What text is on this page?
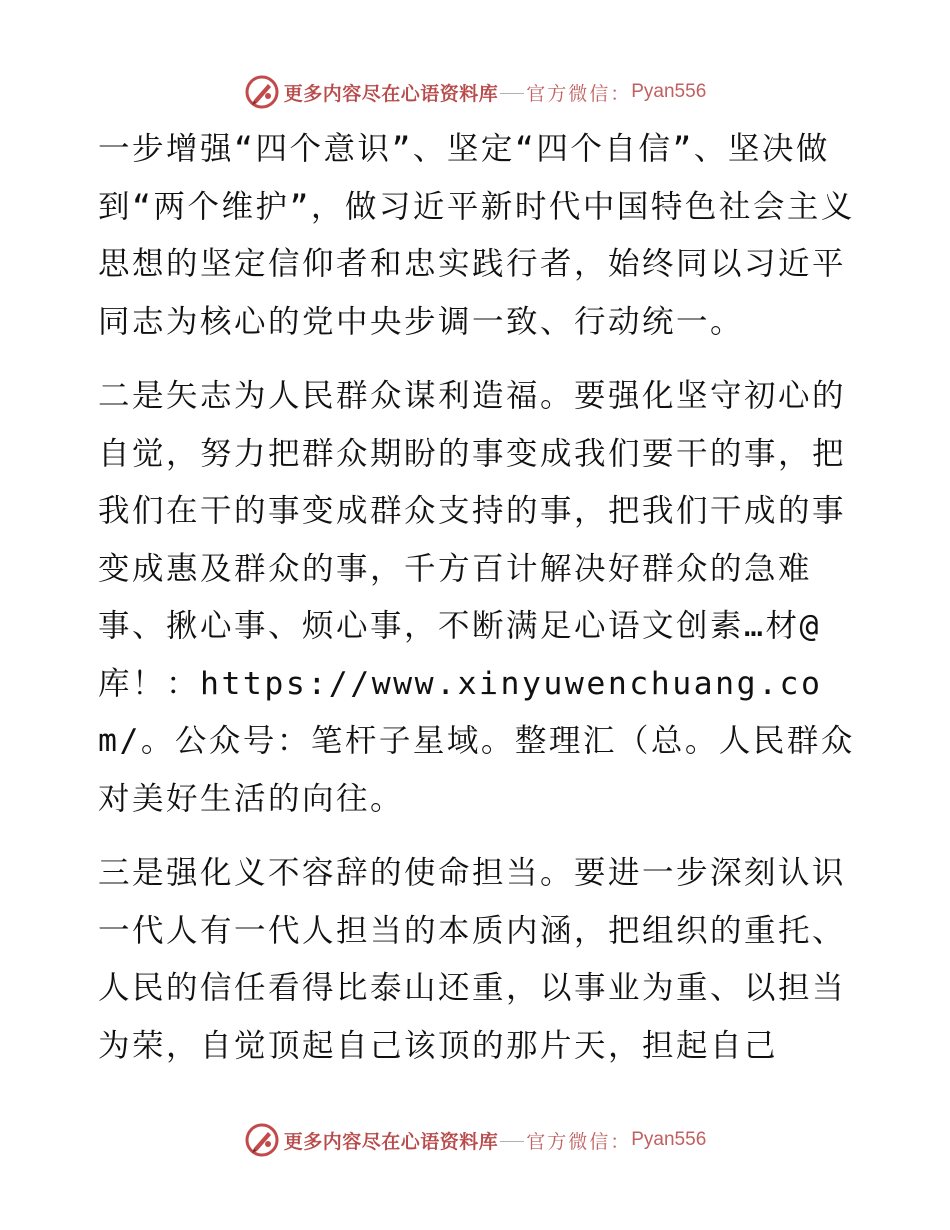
更多内容尽在心语资料库 官方微信： Pyan556

一步增强“四个意识”、坚定“四个自信”、坚决做到“两个维护”，做习近平新时代中国特色社会主义思想的坚定信仰者和忠实践行者，始终同以习近平同志为核心的党中央步调一致、行动统一。

二是矢志为人民群众谋利造福。要强化坚守初心的自觉，努力把群众期盼的事变成我们要干的事，把我们在干的事变成群众支持的事，把我们干成的事变成惠及群众的事，千方百计解决好群众的急难事、揪心事、烦心事，不断满足心语文创素…材@库！：https://www.xinyuwenchuang.com/。公众号：笔杆子星域。整理汇（总。人民群众对美好生活的向往。

三是强化义不容辞的使命担当。要进一步深刻认识一代人有一代人担当的本质内涵，把组织的重托、人民的信任看得比泰山还重，以事业为重、以担当为荣，自觉顶起自己该顶的那片天，担起自己

更多内容尽在心语资料库 官方微信： Pyan556
